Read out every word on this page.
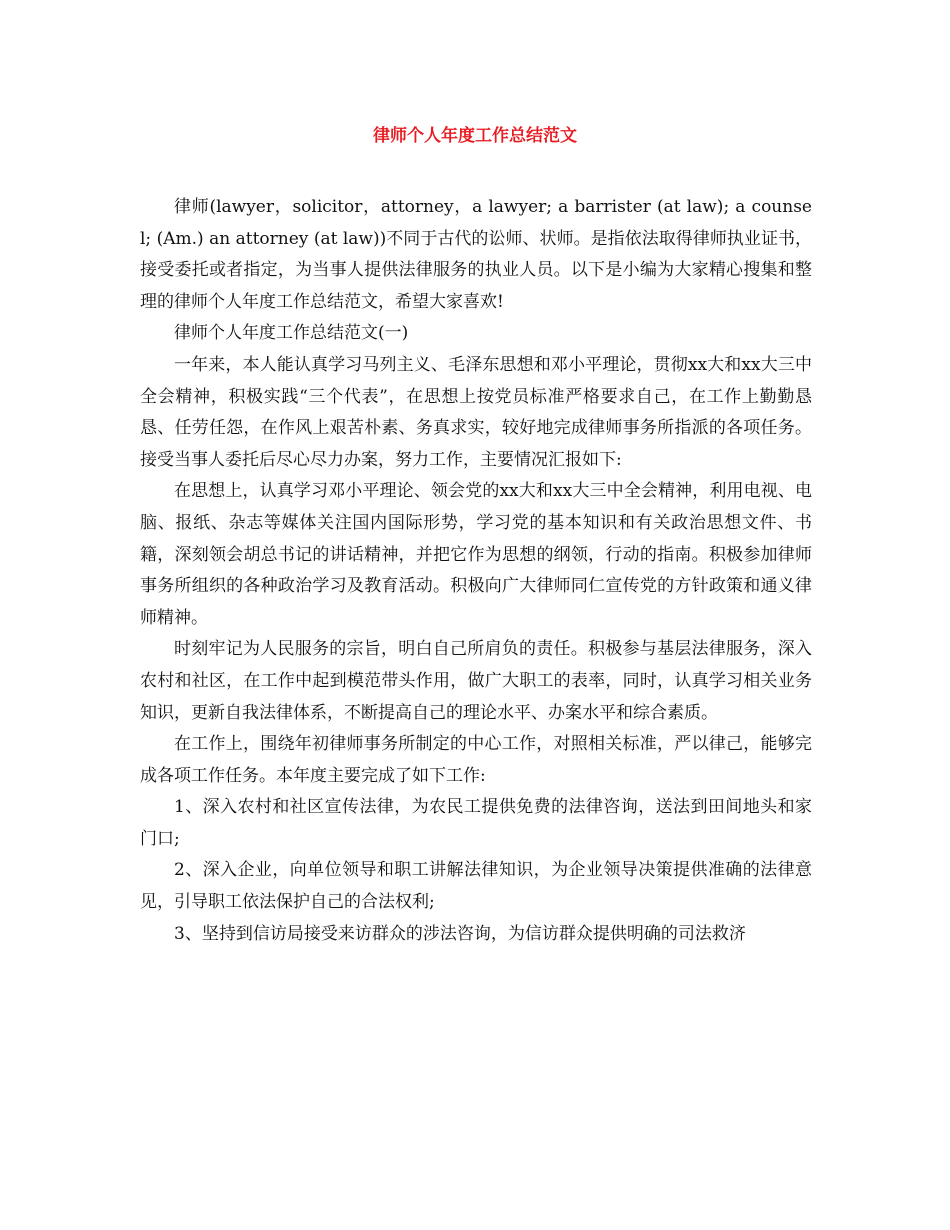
律师个人年度工作总结范文

律师(lawyer，solicitor，attorney，a lawyer; a barrister (at law); a counsel; (Am.) an attorney (at law))不同于古代的讼师、状师。是指依法取得律师执业证书，接受委托或者指定，为当事人提供法律服务的执业人员。以下是小编为大家精心搜集和整理的律师个人年度工作总结范文，希望大家喜欢!

律师个人年度工作总结范文(一)

一年来，本人能认真学习马列主义、毛泽东思想和邓小平理论，贯彻xx大和xx大三中全会精神，积极实践“三个代表”，在思想上按党员标准严格要求自己，在工作上勤勤恳恳、任劳任怨，在作风上艰苦朴素、务真求实，较好地完成律师事务所指派的各项任务。接受当事人委托后尽心尽力办案，努力工作，主要情况汇报如下:

在思想上，认真学习邓小平理论、领会党的xx大和xx大三中全会精神，利用电视、电脑、报纸、杂志等媒体关注国内国际形势，学习党的基本知识和有关政治思想文件、书籍，深刻领会胡总书记的讲话精神，并把它作为思想的纲领，行动的指南。积极参加律师事务所组织的各种政治学习及教育活动。积极向广大律师同仁宣传党的方针政策和通义律师精神。

时刻牢记为人民服务的宗旨，明白自己所肩负的责任。积极参与基层法律服务，深入农村和社区，在工作中起到模范带头作用，做广大职工的表率，同时，认真学习相关业务知识，更新自我法律体系，不断提高自己的理论水平、办案水平和综合素质。

在工作上，围绕年初律师事务所制定的中心工作，对照相关标准，严以律己，能够完成各项工作任务。本年度主要完成了如下工作:

1、深入农村和社区宣传法律，为农民工提供免费的法律咨询，送法到田间地头和家门口;

2、深入企业，向单位领导和职工讲解法律知识，为企业领导决策提供准确的法律意见，引导职工依法保护自己的合法权利;

3、坚持到信访局接受来访群众的涉法咨询，为信访群众提供明确的司法救济
